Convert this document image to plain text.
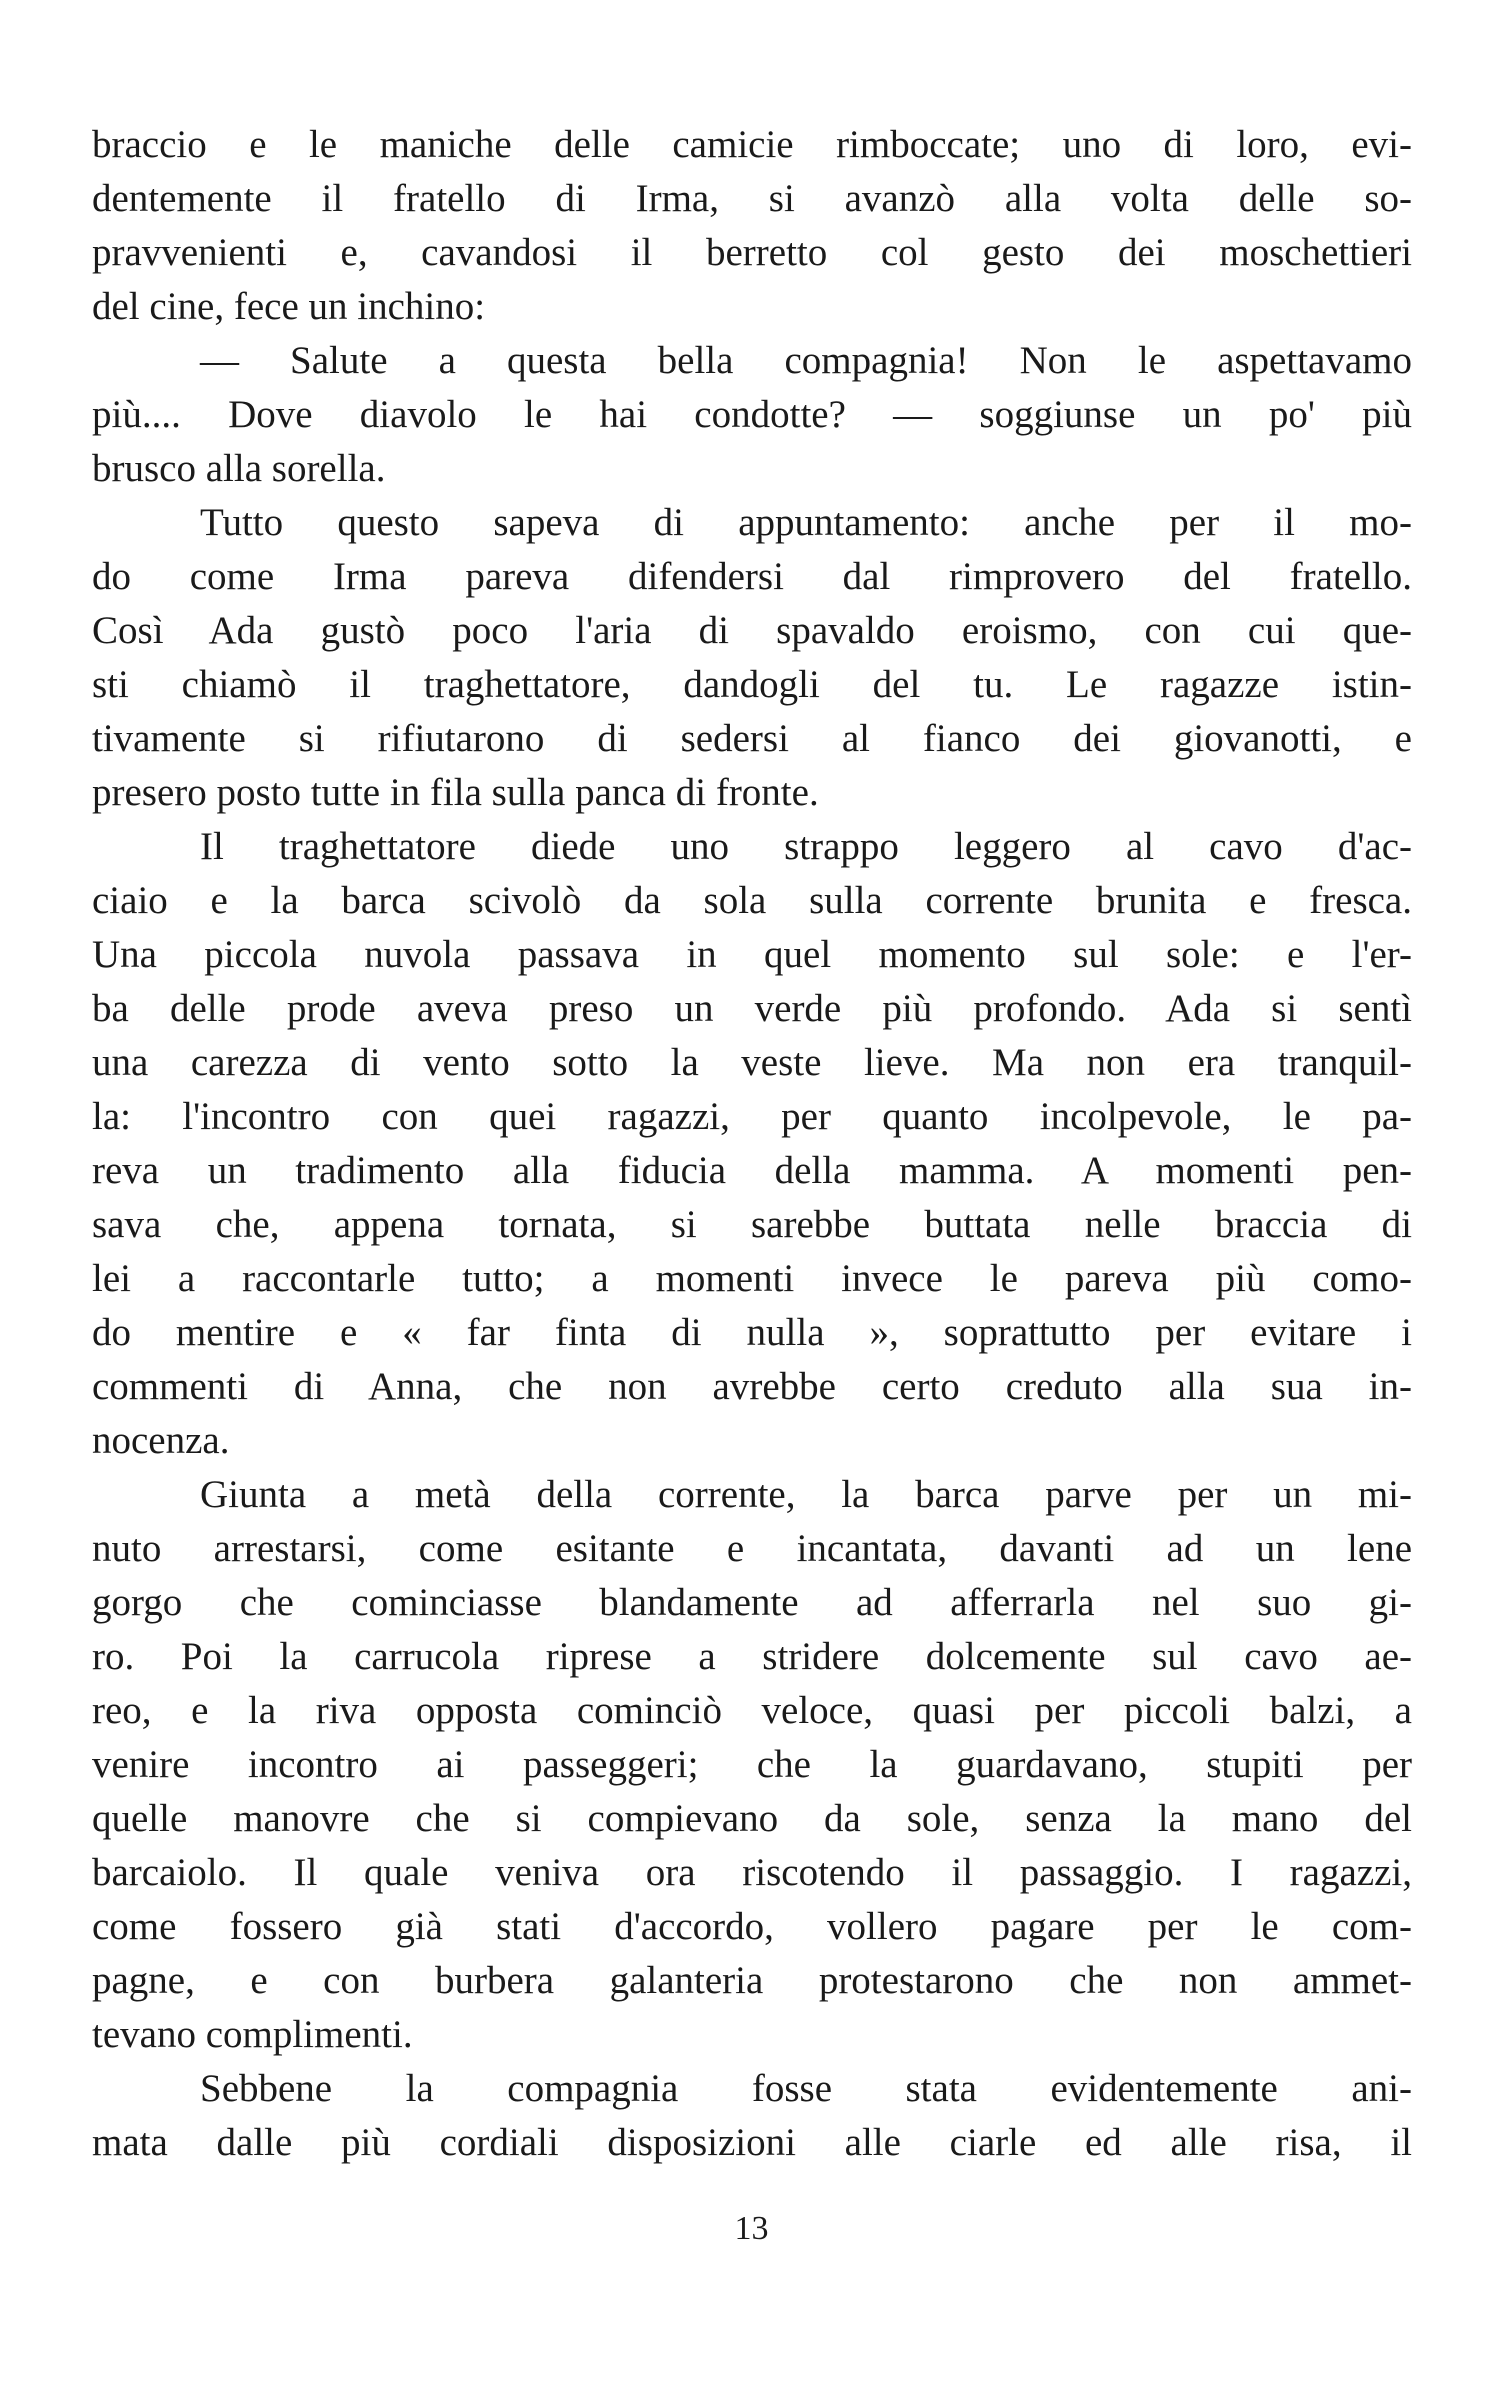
braccio e le maniche delle camicie rimboccate; uno di loro, evi-
dentemente il fratello di Irma, si avanzò alla volta delle so-
pravvenienti e, cavandosi il berretto col gesto dei moschettieri
del cine, fece un inchino:
— Salute a questa bella compagnia! Non le aspettavamo
più.... Dove diavolo le hai condotte? — soggiunse un po' più
brusco alla sorella.
Tutto questo sapeva di appuntamento: anche per il mo-
do come Irma pareva difendersi dal rimprovero del fratello.
Così Ada gustò poco l'aria di spavaldo eroismo, con cui que-
sti chiamò il traghettatore, dandogli del tu. Le ragazze istin-
tivamente si rifiutarono di sedersi al fianco dei giovanotti, e
presero posto tutte in fila sulla panca di fronte.
Il traghettatore diede uno strappo leggero al cavo d'ac-
ciaio e la barca scivolò da sola sulla corrente brunita e fresca.
Una piccola nuvola passava in quel momento sul sole: e l'er-
ba delle prode aveva preso un verde più profondo. Ada si sentì
una carezza di vento sotto la veste lieve. Ma non era tranquil-
la: l'incontro con quei ragazzi, per quanto incolpevole, le pa-
reva un tradimento alla fiducia della mamma. A momenti pen-
sava che, appena tornata, si sarebbe buttata nelle braccia di
lei a raccontarle tutto; a momenti invece le pareva più como-
do mentire e « far finta di nulla », soprattutto per evitare i
commenti di Anna, che non avrebbe certo creduto alla sua in-
nocenza.
Giunta a metà della corrente, la barca parve per un mi-
nuto arrestarsi, come esitante e incantata, davanti ad un lene
gorgo che cominciasse blandamente ad afferrarla nel suo gi-
ro. Poi la carrucola riprese a stridere dolcemente sul cavo ae-
reo, e la riva opposta cominciò veloce, quasi per piccoli balzi, a
venire incontro ai passeggeri; che la guardavano, stupiti per
quelle manovre che si compievano da sole, senza la mano del
barcaiolo. Il quale veniva ora riscotendo il passaggio. I ragazzi,
come fossero già stati d'accordo, vollero pagare per le com-
pagne, e con burbera galanteria protestarono che non ammet-
tevano complimenti.
Sebbene la compagnia fosse stata evidentemente ani-
mata dalle più cordiali disposizioni alle ciarle ed alle risa, il
13
